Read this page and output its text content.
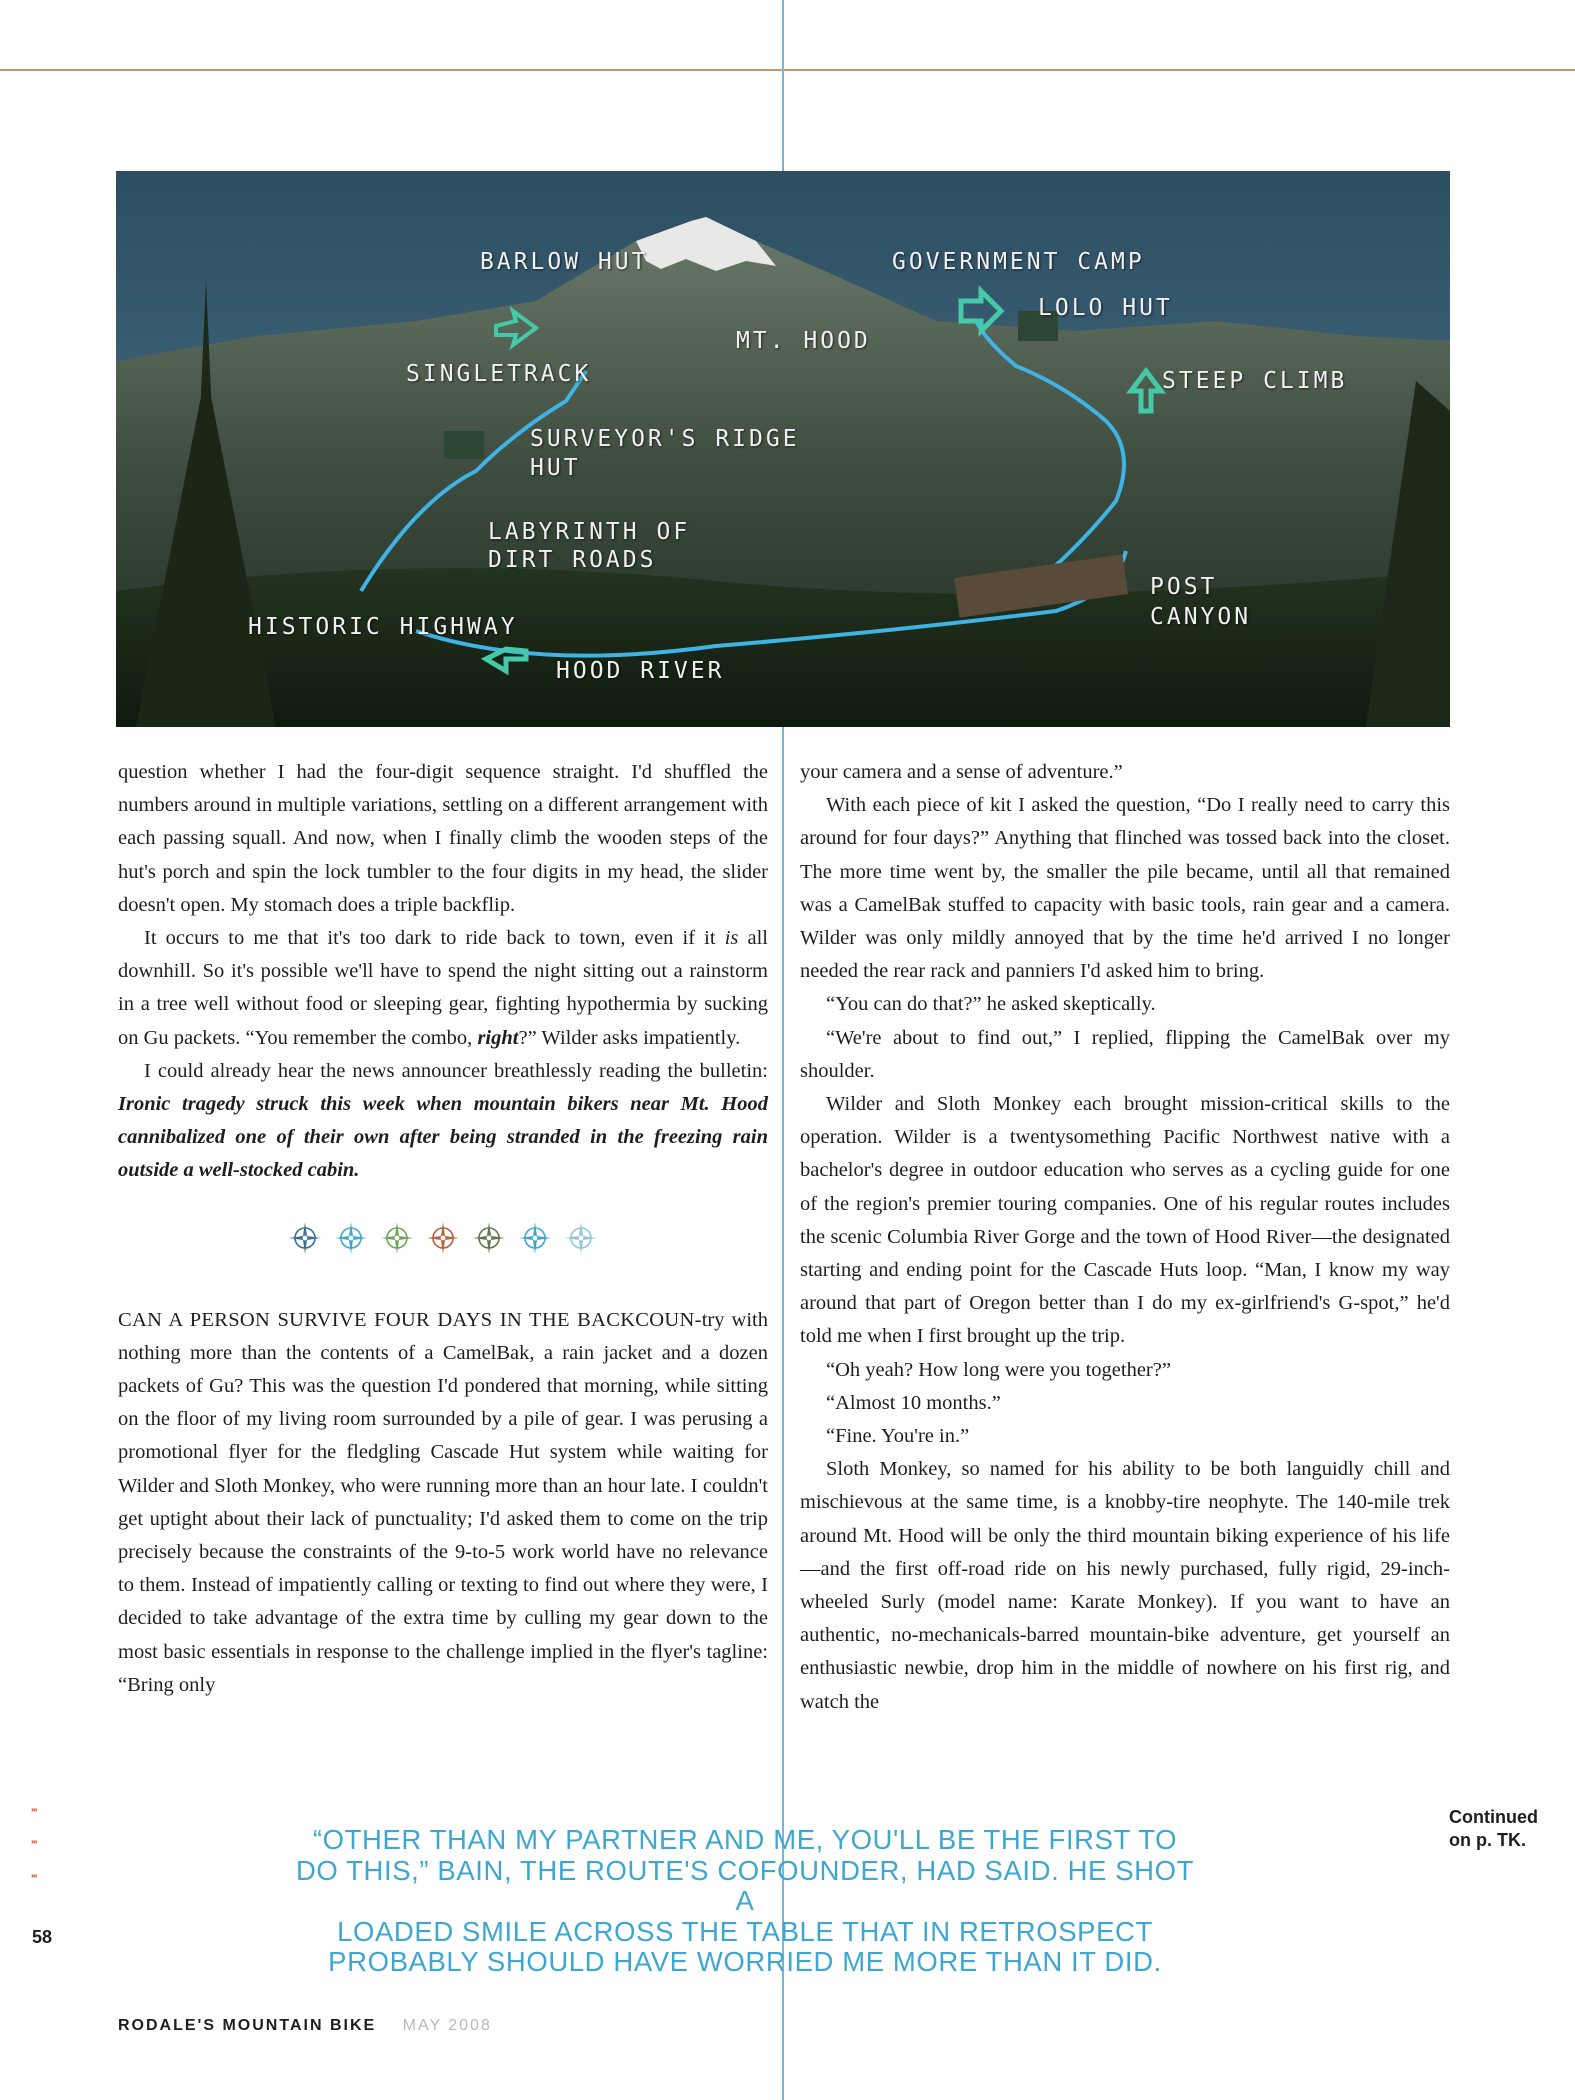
BARLOW HUT	GOVERNMENT CAMP
LOLO HUT
MT. HOOD
SINGLETRACK	STEEP CLIMB
SURVEYOR'S RIDGE
HUT
LABYRINTH OF
DIRT ROADS
POST
CANYON
HISTORIC HIGHWAY
HOOD RIVER

question whether I had the four-digit sequence straight. I'd shuffled the numbers around in multiple variations, settling on a different arrangement with each passing squall. And now, when I finally climb the wooden steps of the hut's porch and spin the lock tumbler to the four digits in my head, the slider doesn't open. My stomach does a triple backflip.

It occurs to me that it's too dark to ride back to town, even if it is all downhill. So it's possible we'll have to spend the night sitting out a rainstorm in a tree well without food or sleeping gear, fighting hypothermia by sucking on Gu packets. “You remember the combo, right?” Wilder asks impatiently.

I could already hear the news announcer breathlessly reading the bulletin: Ironic tragedy struck this week when mountain bikers near Mt. Hood cannibalized one of their own after being stranded in the freezing rain outside a well-stocked cabin.

CAN A PERSON SURVIVE FOUR DAYS IN THE BACKCOUN-try with nothing more than the contents of a CamelBak, a rain jacket and a dozen packets of Gu? This was the question I'd pondered that morning, while sitting on the floor of my living room surrounded by a pile of gear. I was perusing a promotional flyer for the fledgling Cascade Hut system while waiting for Wilder and Sloth Monkey, who were running more than an hour late. I couldn't get uptight about their lack of punctuality; I'd asked them to come on the trip precisely because the constraints of the 9-to-5 work world have no relevance to them. Instead of impatiently calling or texting to find out where they were, I decided to take advantage of the extra time by culling my gear down to the most basic essentials in response to the challenge implied in the flyer's tagline: “Bring only

your camera and a sense of adventure.”

With each piece of kit I asked the question, “Do I really need to carry this around for four days?” Anything that flinched was tossed back into the closet. The more time went by, the smaller the pile became, until all that remained was a CamelBak stuffed to capacity with basic tools, rain gear and a camera. Wilder was only mildly annoyed that by the time he'd arrived I no longer needed the rear rack and panniers I'd asked him to bring.

“You can do that?” he asked skeptically.

“We're about to find out,” I replied, flipping the CamelBak over my shoulder.

Wilder and Sloth Monkey each brought mission-critical skills to the operation. Wilder is a twentysomething Pacific Northwest native with a bachelor's degree in outdoor education who serves as a cycling guide for one of the region's premier touring companies. One of his regular routes includes the scenic Columbia River Gorge and the town of Hood River—the designated starting and ending point for the Cascade Huts loop. “Man, I know my way around that part of Oregon better than I do my ex-girlfriend's G-spot,” he'd told me when I first brought up the trip.

“Oh yeah? How long were you together?”

“Almost 10 months.”

“Fine. You're in.”

Sloth Monkey, so named for his ability to be both languidly chill and mischievous at the same time, is a knobby-tire neophyte. The 140-mile trek around Mt. Hood will be only the third mountain biking experience of his life—and the first off-road ride on his newly purchased, fully rigid, 29-inch-wheeled Surly (model name: Karate Monkey). If you want to have an authentic, no-mechanicals-barred mountain-bike adventure, get yourself an enthusiastic newbie, drop him in the middle of nowhere on his first rig, and watch the

'''
'''
'''
Continued
on p. TK.
“OTHER THAN MY PARTNER AND ME, YOU'LL BE THE FIRST TO
DO THIS,” BAIN, THE ROUTE'S COFOUNDER, HAD SAID. HE SHOT A
LOADED SMILE ACROSS THE TABLE THAT IN RETROSPECT
PROBABLY SHOULD HAVE WORRIED ME MORE THAN IT DID.
58
RODALE'S MOUNTAIN BIKE MAY 2008
